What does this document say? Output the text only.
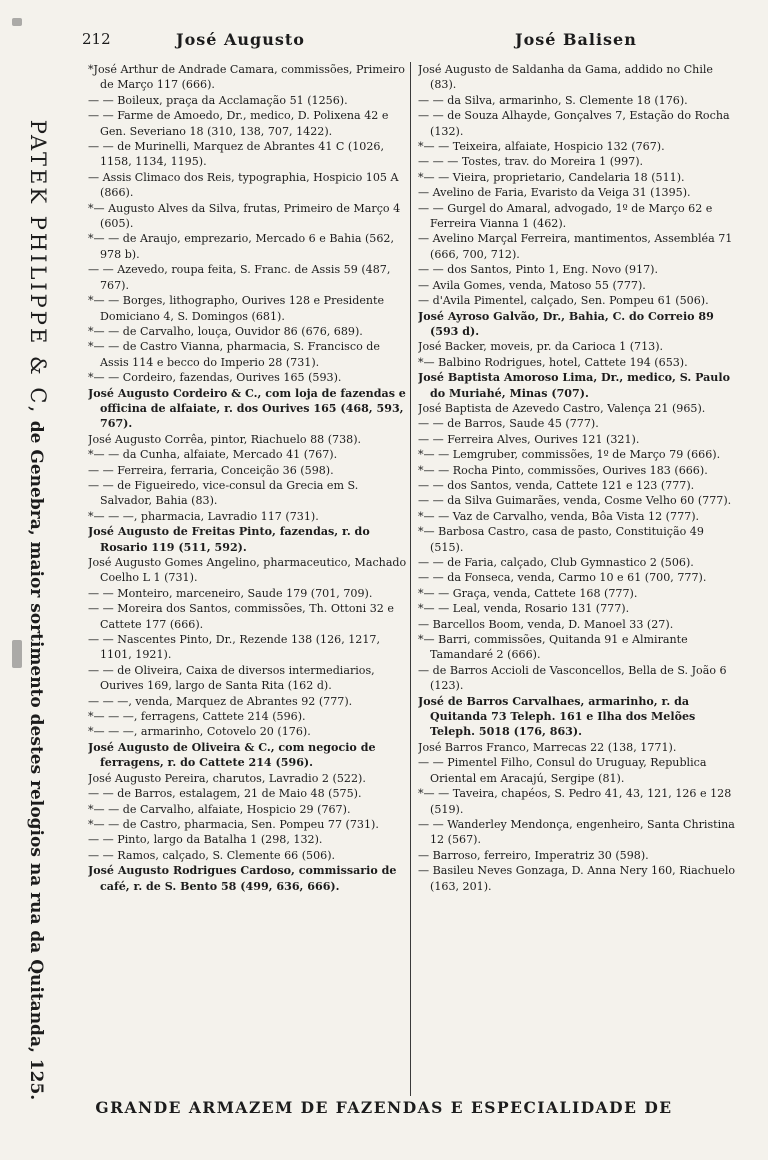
212	José Augusto	José Balisen
PATEK PHILIPPE & C, de Genebra, maior sortimento destes relogios na rua da Quitanda, 125.

*José Arthur de Andrade Camara, commissões, Primeiro de Março 117 (666).

— — Boileux, praça da Acclamação 51 (1256).

— — Farme de Amoedo, Dr., medico, D. Polixena 42 e Gen. Severiano 18 (310, 138, 707, 1422).

— — de Murinelli, Marquez de Abrantes 41 C (1026, 1158, 1134, 1195).

— Assis Climaco dos Reis, typographia, Hospicio 105 A (866).

*— Augusto Alves da Silva, frutas, Primeiro de Março 4 (605).

*— — de Araujo, emprezario, Mercado 6 e Bahia (562, 978 b).

— — Azevedo, roupa feita, S. Franc. de Assis 59 (487, 767).

*— — Borges, lithographo, Ourives 128 e Presidente Domiciano 4, S. Domingos (681).

*— — de Carvalho, louça, Ouvidor 86 (676, 689).

*— — de Castro Vianna, pharmacia, S. Francisco de Assis 114 e becco do Imperio 28 (731).

*— — Cordeiro, fazendas, Ourives 165 (593).

José Augusto Cordeiro & C., com loja de fazendas e officina de alfaiate, r. dos Ourives 165 (468, 593, 767).

José Augusto Corrêa, pintor, Riachuelo 88 (738).

*— — da Cunha, alfaiate, Mercado 41 (767).

— — Ferreira, ferraria, Conceição 36 (598).

— — de Figueiredo, vice-consul da Grecia em S. Salvador, Bahia (83).

*— — —, pharmacia, Lavradio 117 (731).

José Augusto de Freitas Pinto, fazendas, r. do Rosario 119 (511, 592).

José Augusto Gomes Angelino, pharmaceutico, Machado Coelho L 1 (731).

— — Monteiro, marceneiro, Saude 179 (701, 709).

— — Moreira dos Santos, commissões, Th. Ottoni 32 e Cattete 177 (666).

— — Nascentes Pinto, Dr., Rezende 138 (126, 1217, 1101, 1921).

— — de Oliveira, Caixa de diversos intermediarios, Ourives 169, largo de Santa Rita (162 d).

— — —, venda, Marquez de Abrantes 92 (777).

*— — —, ferragens, Cattete 214 (596).

*— — —, armarinho, Cotovelo 20 (176).

José Augusto de Oliveira & C., com negocio de ferragens, r. do Cattete 214 (596).

José Augusto Pereira, charutos, Lavradio 2 (522).

— — de Barros, estalagem, 21 de Maio 48 (575).

*— — de Carvalho, alfaiate, Hospicio 29 (767).

*— — de Castro, pharmacia, Sen. Pompeu 77 (731).

— — Pinto, largo da Batalha 1 (298, 132).

— — Ramos, calçado, S. Clemente 66 (506).

José Augusto Rodrigues Cardoso, commissario de café, r. de S. Bento 58 (499, 636, 666).

José Augusto de Saldanha da Gama, addido no Chile (83).

— — da Silva, armarinho, S. Clemente 18 (176).

— — de Souza Alhayde, Gonçalves 7, Estação do Rocha (132).

*— — Teixeira, alfaiate, Hospicio 132 (767).

— — — Tostes, trav. do Moreira 1 (997).

*— — Vieira, proprietario, Candelaria 18 (511).

— Avelino de Faria, Evaristo da Veiga 31 (1395).

— — Gurgel do Amaral, advogado, 1º de Março 62 e Ferreira Vianna 1 (462).

— Avelino Marçal Ferreira, mantimentos, Assembléa 71 (666, 700, 712).

— — dos Santos, Pinto 1, Eng. Novo (917).

— Avila Gomes, venda, Matoso 55 (777).

— d'Avila Pimentel, calçado, Sen. Pompeu 61 (506).

José Ayroso Galvão, Dr., Bahia, C. do Correio 89 (593 d).

José Backer, moveis, pr. da Carioca 1 (713).

*— Balbino Rodrigues, hotel, Cattete 194 (653).

José Baptista Amoroso Lima, Dr., medico, S. Paulo do Muriahé, Minas (707).

José Baptista de Azevedo Castro, Valença 21 (965).

— — de Barros, Saude 45 (777).

— — Ferreira Alves, Ourives 121 (321).

*— — Lemgruber, commissões, 1º de Março 79 (666).

*— — Rocha Pinto, commissões, Ourives 183 (666).

— — dos Santos, venda, Cattete 121 e 123 (777).

— — da Silva Guimarães, venda, Cosme Velho 60 (777).

*— — Vaz de Carvalho, venda, Bôa Vista 12 (777).

*— Barbosa Castro, casa de pasto, Constituição 49 (515).

— — de Faria, calçado, Club Gymnastico 2 (506).

— — da Fonseca, venda, Carmo 10 e 61 (700, 777).

*— — Graça, venda, Cattete 168 (777).

*— — Leal, venda, Rosario 131 (777).

— Barcellos Boom, venda, D. Manoel 33 (27).

*— Barri, commissões, Quitanda 91 e Almirante Tamandaré 2 (666).

— de Barros Accioli de Vasconcellos, Bella de S. João 6 (123).

José de Barros Carvalhaes, armarinho, r. da Quitanda 73 Teleph. 161 e Ilha dos Melões Teleph. 5018 (176, 863).

José Barros Franco, Marrecas 22 (138, 1771).

— — Pimentel Filho, Consul do Uruguay, Republica Oriental em Aracajú, Sergipe (81).

*— — Taveira, chapéos, S. Pedro 41, 43, 121, 126 e 128 (519).

— — Wanderley Mendonça, engenheiro, Santa Christina 12 (567).

— Barroso, ferreiro, Imperatriz 30 (598).

— Basileu Neves Gonzaga, D. Anna Nery 160, Riachuelo (163, 201).

GRANDE ARMAZEM DE FAZENDAS E ESPECIALIDADE DE
